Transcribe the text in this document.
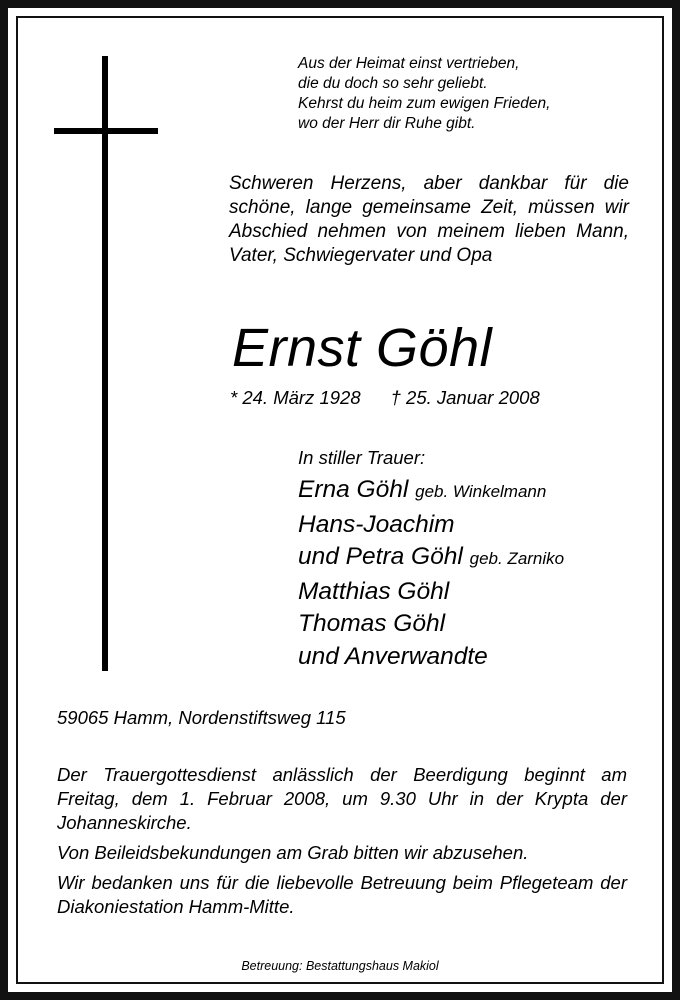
Aus der Heimat einst vertrieben,
die du doch so sehr geliebt.
Kehrst du heim zum ewigen Frieden,
wo der Herr dir Ruhe gibt.
Schweren Herzens, aber dankbar für die schöne, lange gemeinsame Zeit, müssen wir Abschied nehmen von meinem lieben Mann, Vater, Schwiegervater und Opa
Ernst Göhl
* 24. März 1928 † 25. Januar 2008
In stiller Trauer:
Erna Göhl geb. Winkelmann
Hans-Joachim
und Petra Göhl geb. Zarniko
Matthias Göhl
Thomas Göhl
und Anverwandte
59065 Hamm, Nordenstiftsweg 115

Der Trauergottesdienst anlässlich der Beerdigung beginnt am Freitag, dem 1. Februar 2008, um 9.30 Uhr in der Krypta der Johanneskirche.

Von Beileidsbekundungen am Grab bitten wir abzusehen.

Wir bedanken uns für die liebevolle Betreuung beim Pflegeteam der Diakoniestation Hamm-Mitte.

Betreuung: Bestattungshaus Makiol
